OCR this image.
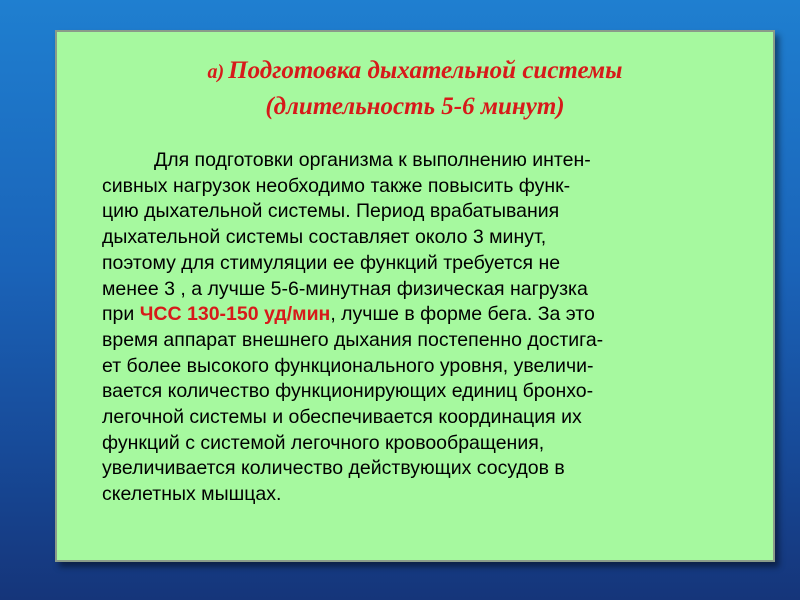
а) Подготовка дыхательной системы
(длительность 5-6 минут)
Для подготовки организма к выполнению интен-
сивных нагрузок необходимо также повысить функ-
цию дыхательной системы. Период врабатывания
дыхательной системы составляет около 3 минут,
поэтому для стимуляции ее функций требуется не
менее 3 , а лучше 5-6-минутная физическая нагрузка
при ЧСС 130-150 уд/мин, лучше в форме бега. За это
время аппарат внешнего дыхания постепенно достига-
ет более высокого функционального уровня, увеличи-
вается количество функционирующих единиц бронхо-
легочной системы и обеспечивается координация их
функций с системой легочного кровообращения,
увеличивается количество действующих сосудов в
скелетных мышцах.
